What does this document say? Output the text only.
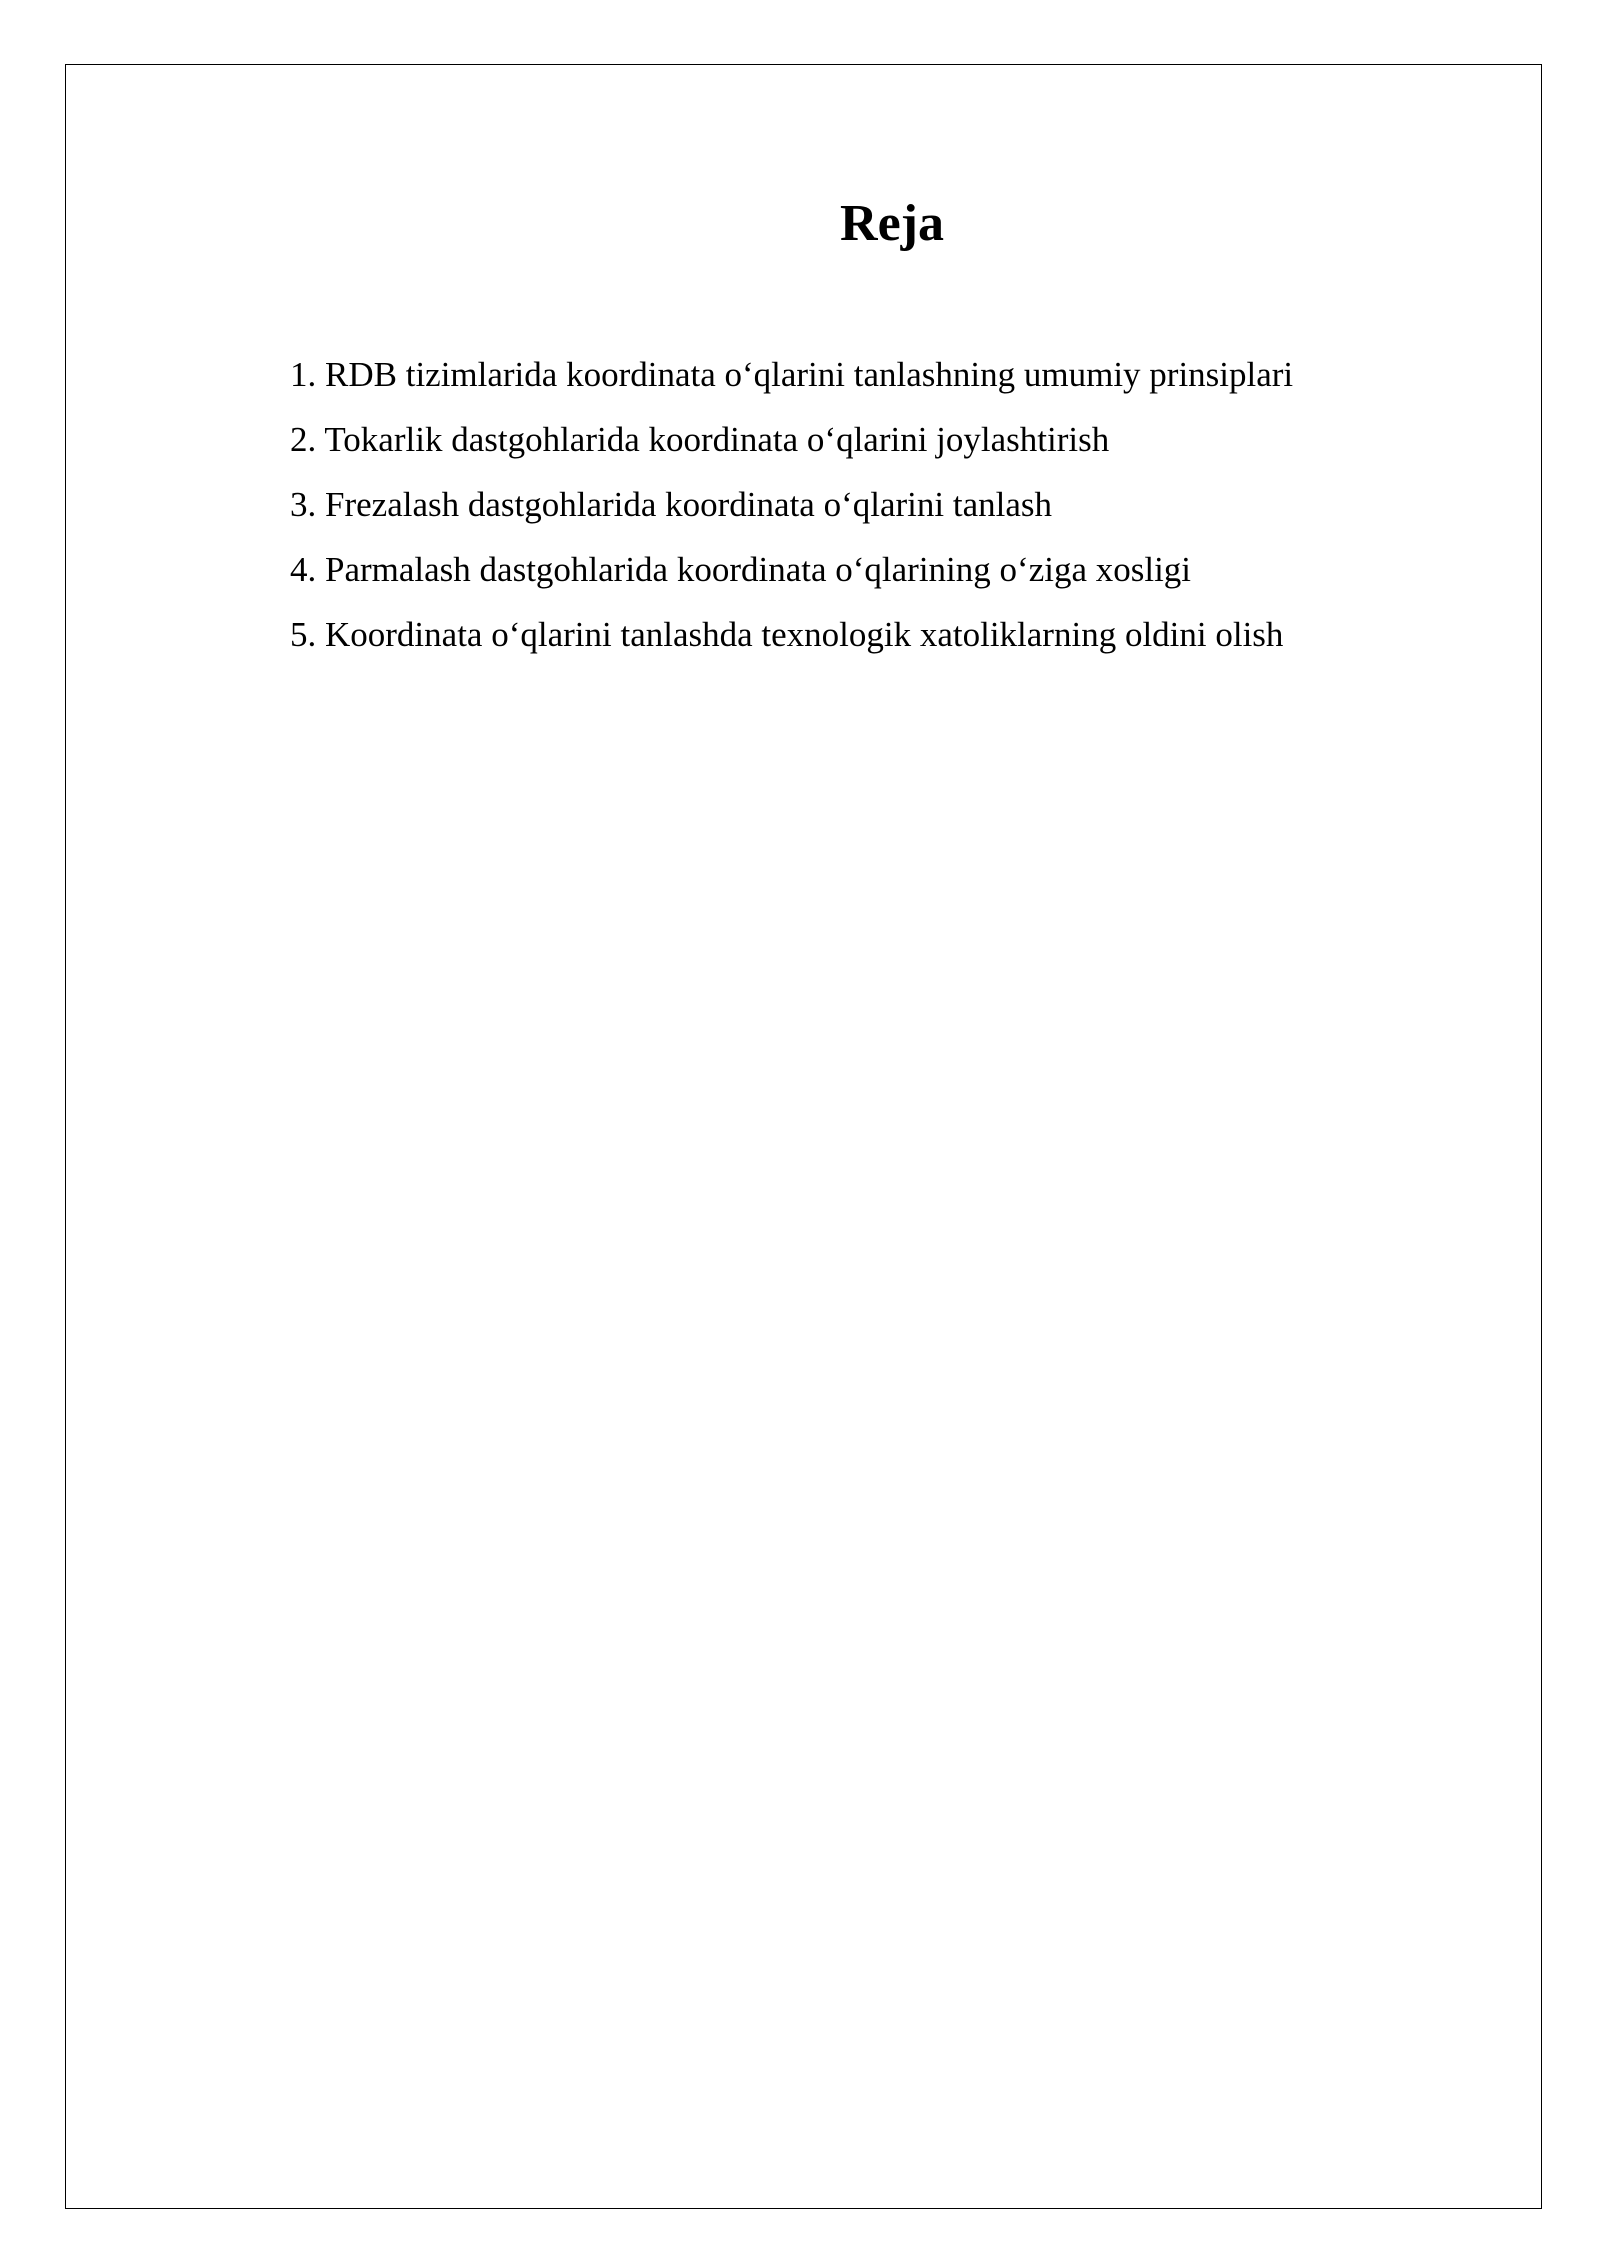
Reja
1. RDB tizimlarida koordinata oʻqlarini tanlashning umumiy prinsiplari
2. Tokarlik dastgohlarida koordinata oʻqlarini joylashtirish
3. Frezalash dastgohlarida koordinata oʻqlarini tanlash
4. Parmalash dastgohlarida koordinata oʻqlarining oʻziga xosligi
5. Koordinata oʻqlarini tanlashda texnologik xatoliklarning oldini olish
